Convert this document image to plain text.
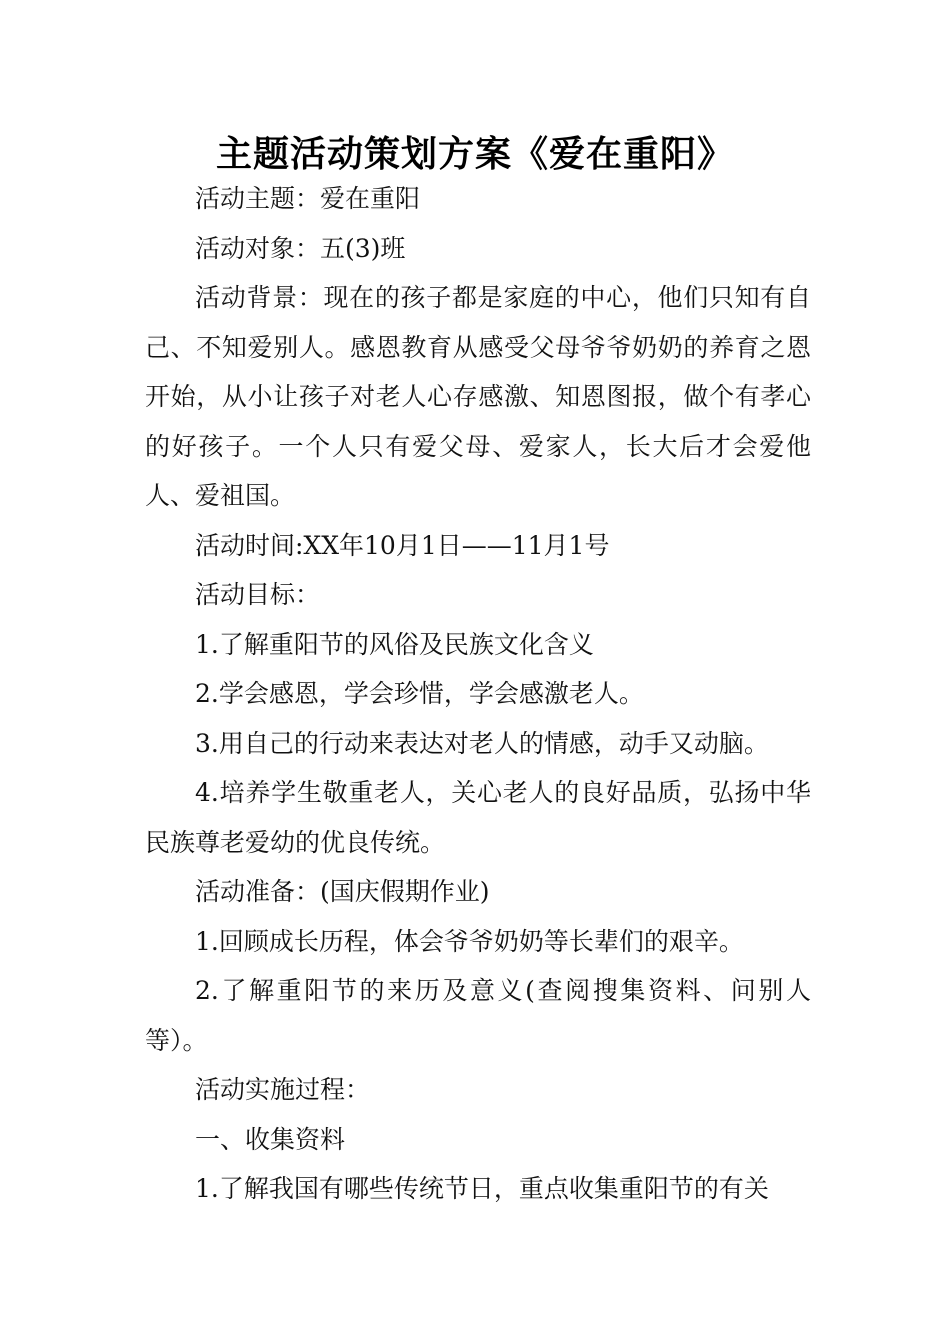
主题活动策划方案《爱在重阳》

活动主题：爱在重阳

活动对象：五(3)班

活动背景：现在的孩子都是家庭的中心，他们只知有自己、不知爱别人。感恩教育从感受父母爷爷奶奶的养育之恩开始，从小让孩子对老人心存感激、知恩图报，做个有孝心的好孩子。一个人只有爱父母、爱家人，长大后才会爱他人、爱祖国。

活动时间:XX年10月1日——11月1号

活动目标：

1.了解重阳节的风俗及民族文化含义

2.学会感恩，学会珍惜，学会感激老人。

3.用自己的行动来表达对老人的情感，动手又动脑。

4.培养学生敬重老人，关心老人的良好品质，弘扬中华民族尊老爱幼的优良传统。

活动准备：(国庆假期作业)

1.回顾成长历程，体会爷爷奶奶等长辈们的艰辛。

2.了解重阳节的来历及意义(查阅搜集资料、问别人等）。

活动实施过程：

一、收集资料

1.了解我国有哪些传统节日，重点收集重阳节的有关
